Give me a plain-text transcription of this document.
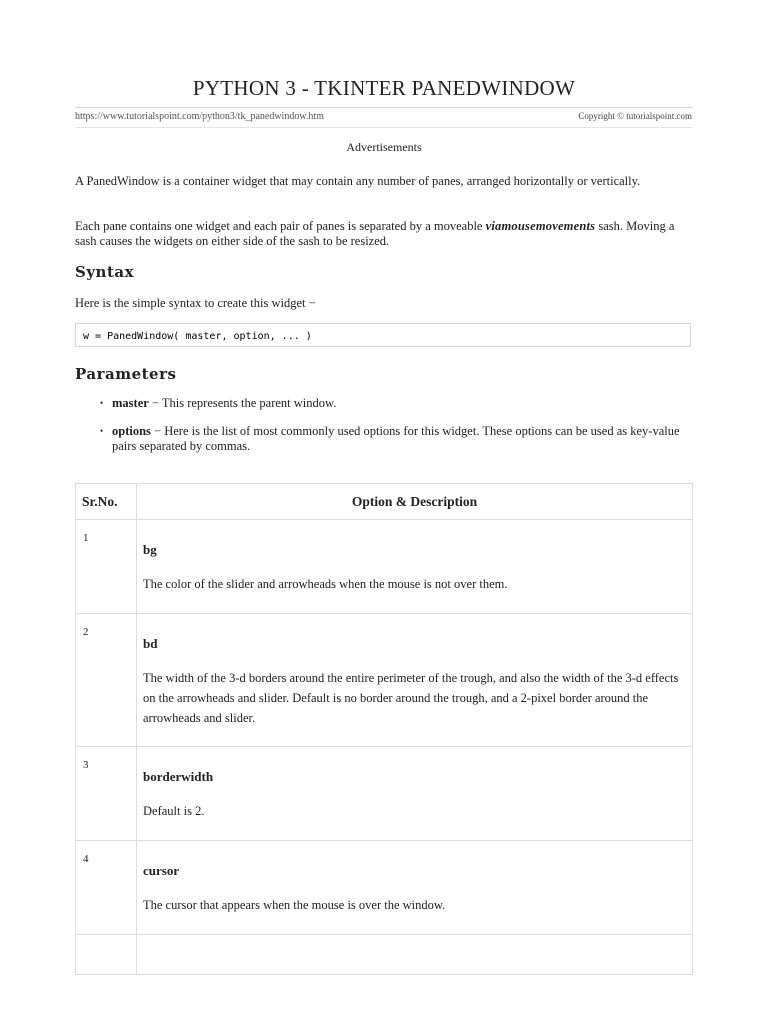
PYTHON 3 - TKINTER PANEDWINDOW
https://www.tutorialspoint.com/python3/tk_panedwindow.htm	Copyright © tutorialspoint.com
Advertisements

A PanedWindow is a container widget that may contain any number of panes, arranged horizontally or vertically.

Each pane contains one widget and each pair of panes is separated by a moveable viamousemovements sash. Moving a sash causes the widgets on either side of the sash to be resized.

Syntax

Here is the simple syntax to create this widget −

w = PanedWindow( master, option, ... )
Parameters
• master − This represents the parent window.
• options − Here is the list of most commonly used options for this widget. These options can be used as key-value pairs separated by commas.
Sr.No.	Option & Description
1	bg

The color of the slider and arrowheads when the mouse is not over them.

2	bd

The width of the 3-d borders around the entire perimeter of the trough, and also the width of the 3-d effects on the arrowheads and slider. Default is no border around the trough, and a 2-pixel border around the arrowheads and slider.

3	borderwidth

Default is 2.

4	cursor

The cursor that appears when the mouse is over the window.
